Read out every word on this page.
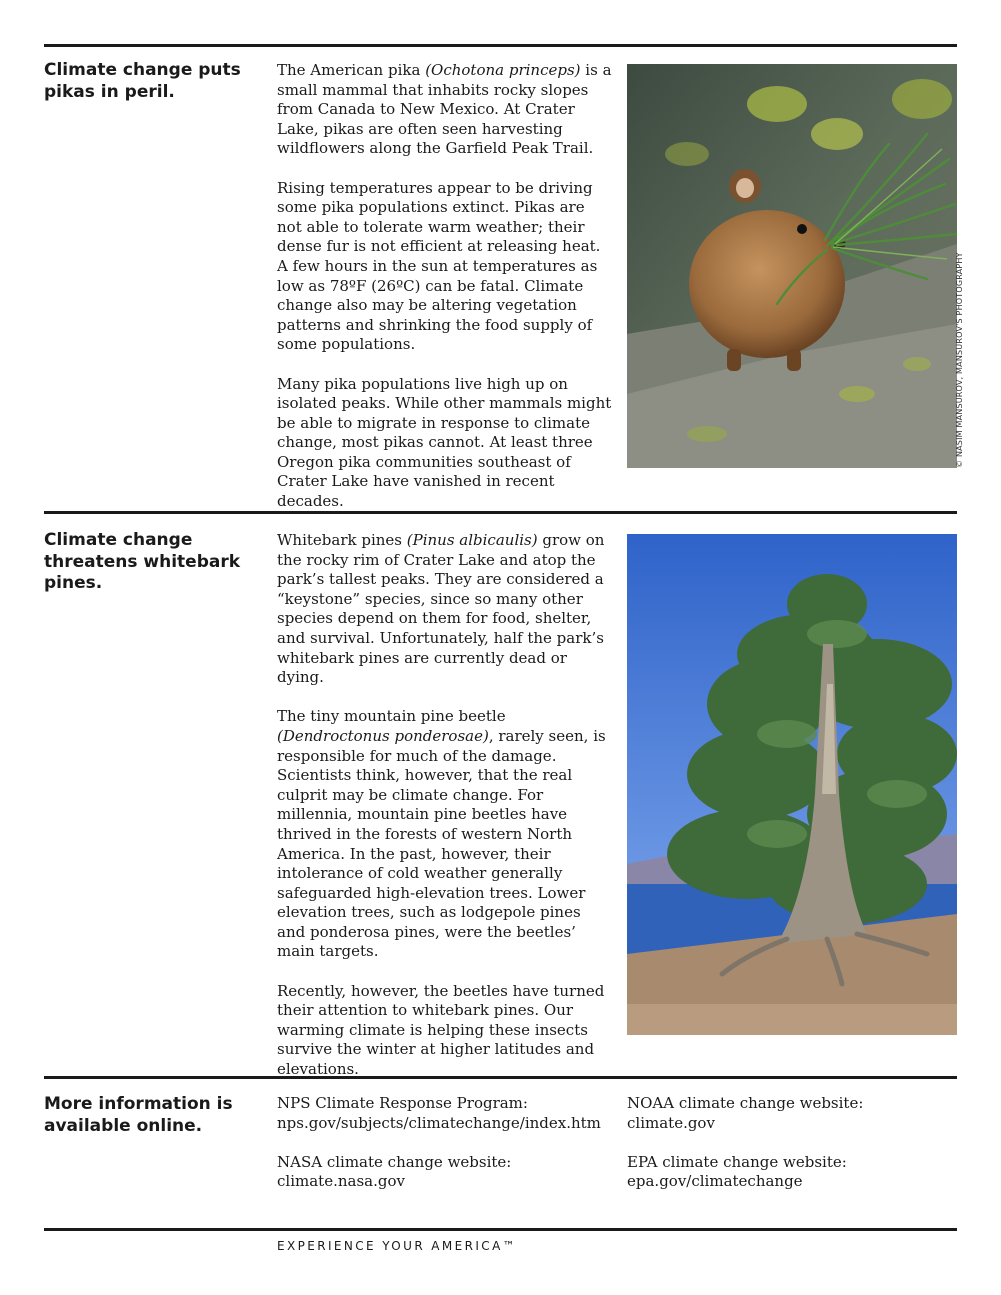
Climate change puts pikas in peril.

The American pika (Ochotona princeps) is a small mammal that inhabits rocky slopes from Canada to New Mexico. At Crater Lake, pikas are often seen harvesting wildflowers along the Garfield Peak Trail.

Rising temperatures appear to be driving some pika populations extinct. Pikas are not able to tolerate warm weather; their dense fur is not efficient at releasing heat. A few hours in the sun at temperatures as low as 78ºF (26ºC) can be fatal. Climate change also may be altering vegetation patterns and shrinking the food supply of some populations.

Many pika populations live high up on isolated peaks. While other mammals might be able to migrate in response to climate change, most pikas cannot. At least three Oregon pika communities southeast of Crater Lake have vanished in recent decades.

© NASIM MANSUROV, MANSUROV'S PHOTOGRAPHY
Climate change threatens whitebark pines.

Whitebark pines (Pinus albicaulis) grow on the rocky rim of Crater Lake and atop the park’s tallest peaks. They are considered a “keystone” species, since so many other species depend on them for food, shelter, and survival. Unfortunately, half the park’s whitebark pines are currently dead or dying.

The tiny mountain pine beetle (Dendroctonus ponderosae), rarely seen, is responsible for much of the damage. Scientists think, however, that the real culprit may be climate change. For millennia, mountain pine beetles have thrived in the forests of western North America. In the past, however, their intolerance of cold weather generally safeguarded high-elevation trees. Lower elevation trees, such as lodgepole pines and ponderosa pines, were the beetles’ main targets.

Recently, however, the beetles have turned their attention to whitebark pines. Our warming climate is helping these insects survive the winter at higher latitudes and elevations.

More information is available online.

NPS Climate Response Program:
nps.gov/subjects/climatechange/index.htm

NASA climate change website:
climate.nasa.gov

NOAA climate change website:
climate.gov

EPA climate change website:
epa.gov/climatechange

EXPERIENCE YOUR AMERICA™
